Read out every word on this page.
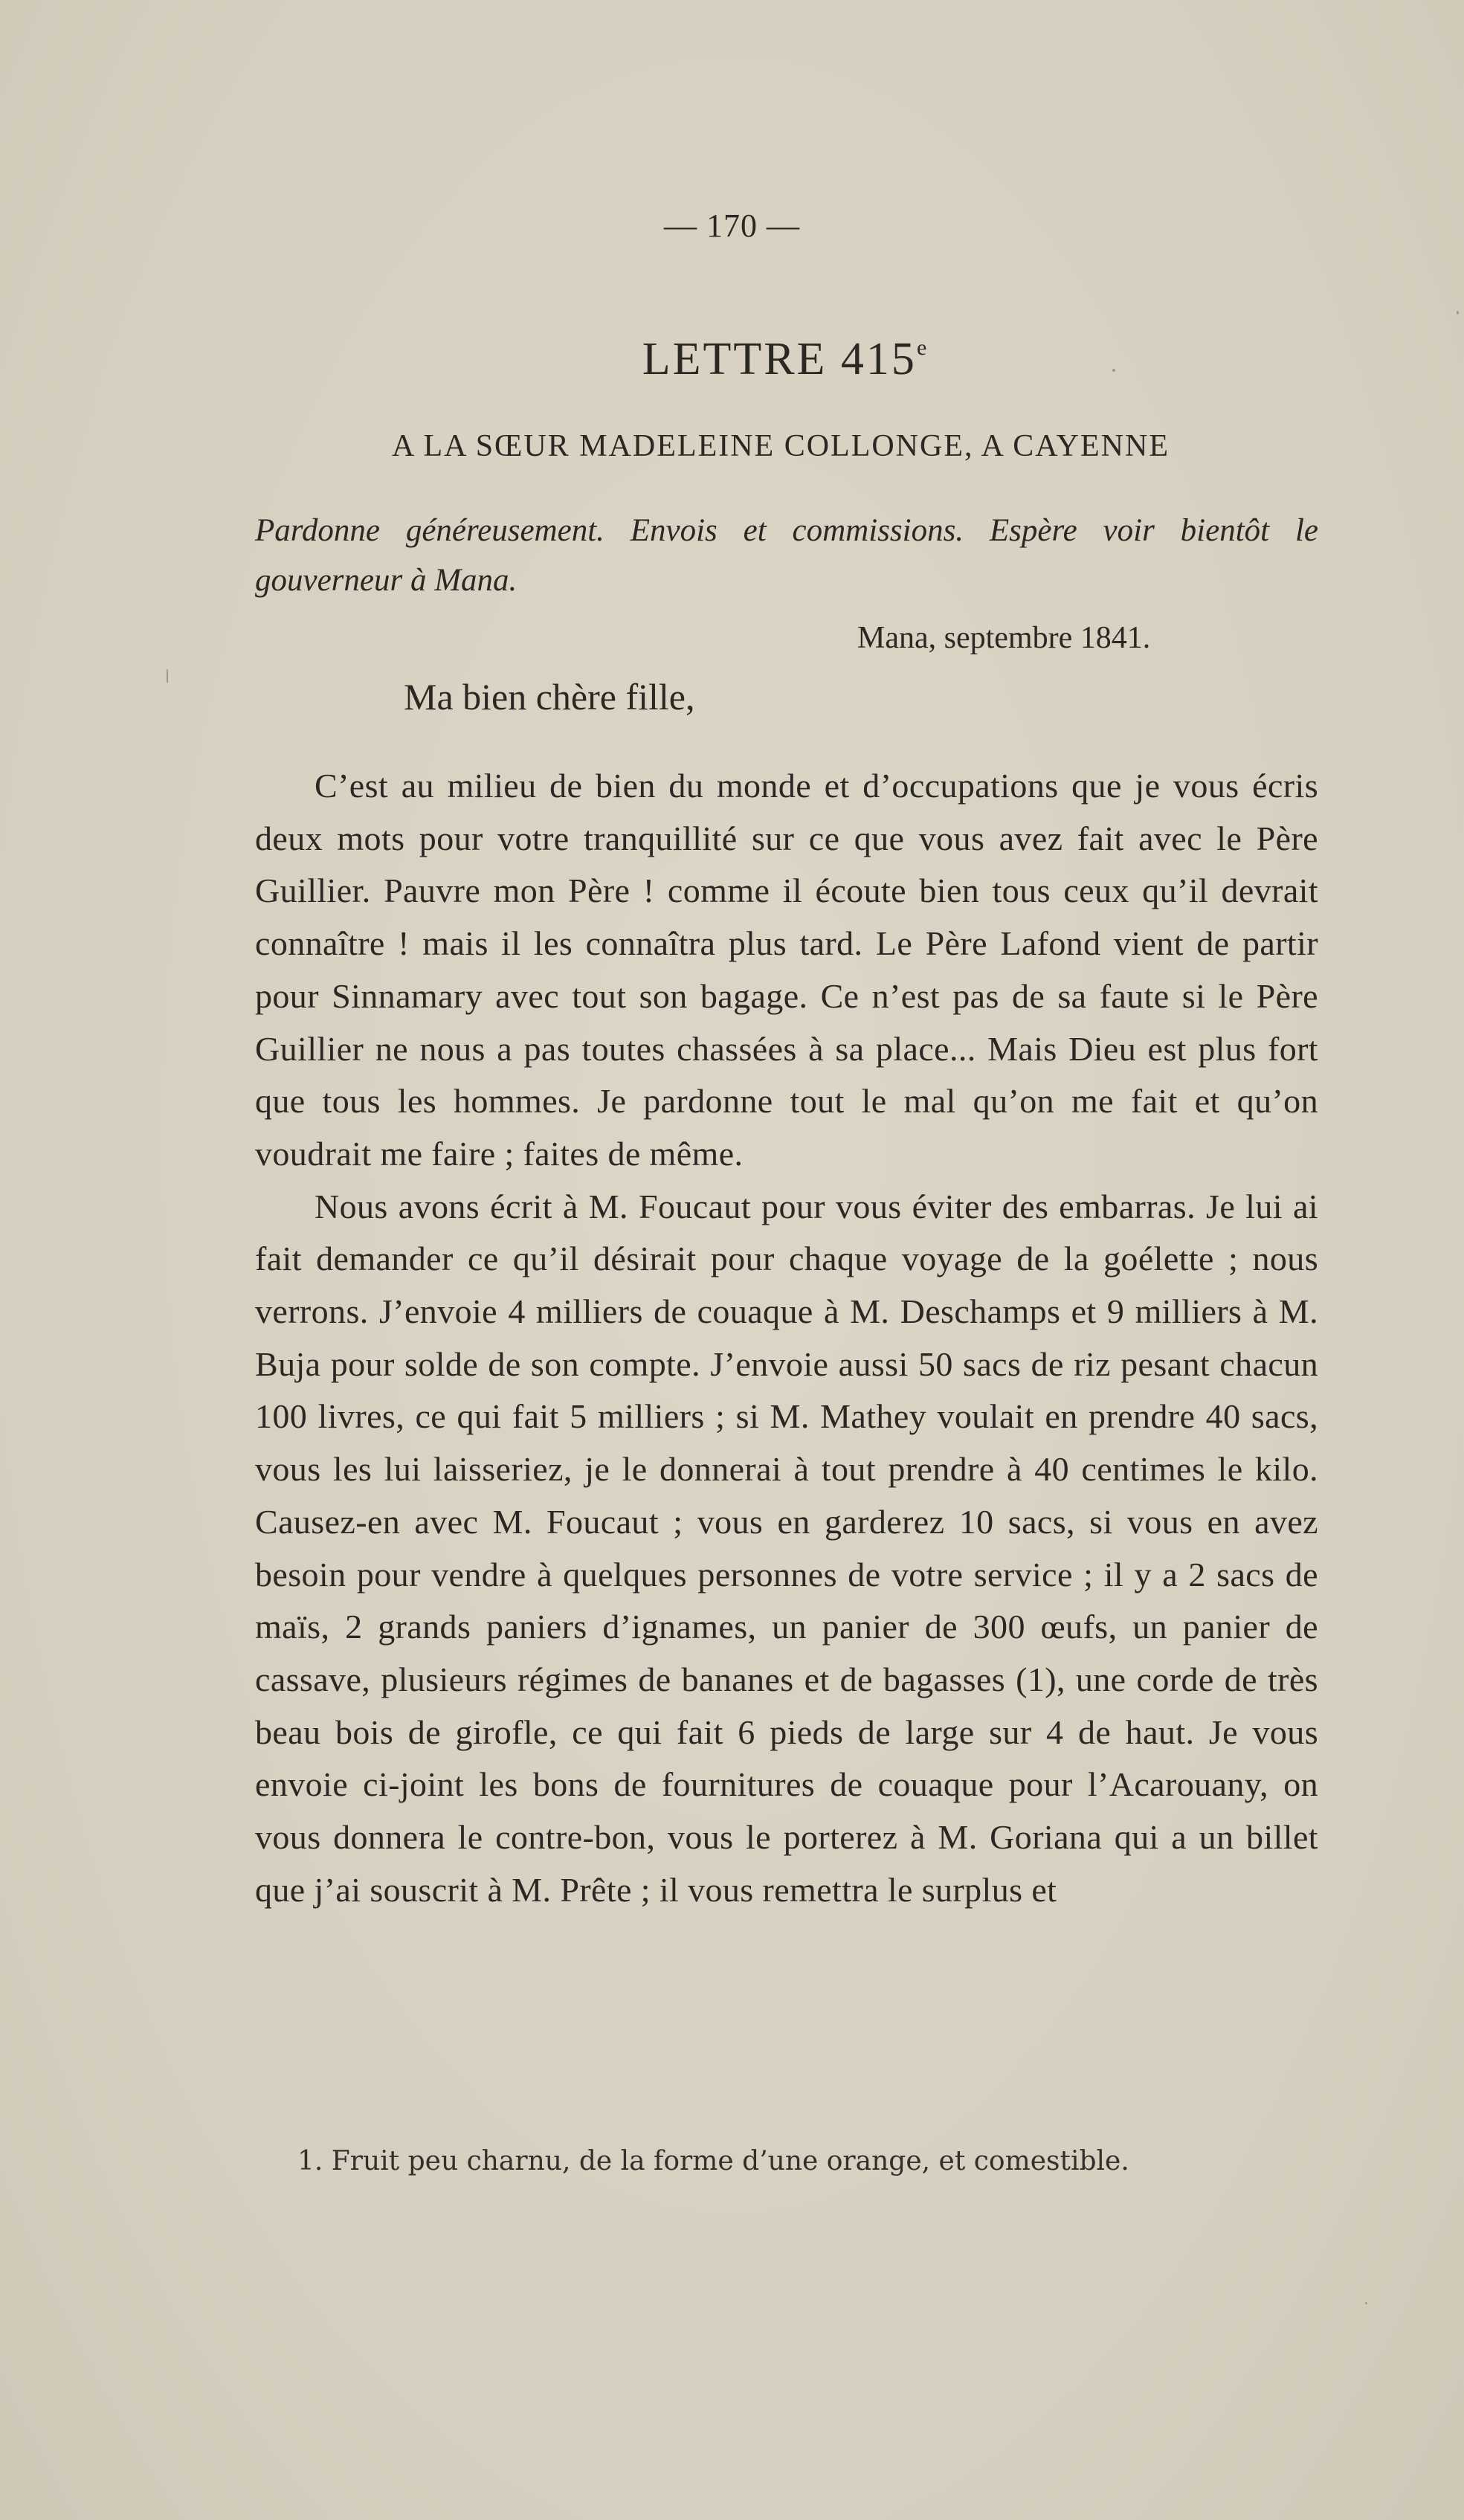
— 170 —
LETTRE 415e
A LA SŒUR MADELEINE COLLONGE, A CAYENNE
Pardonne généreusement. Envois et commissions. Espère voir bientôt le gouverneur à Mana.
Mana, septembre 1841.
Ma bien chère fille,

C’est au milieu de bien du monde et d’occupations que je vous écris deux mots pour votre tranquillité sur ce que vous avez fait avec le Père Guillier. Pauvre mon Père ! comme il écoute bien tous ceux qu’il devrait connaître ! mais il les connaîtra plus tard. Le Père Lafond vient de partir pour Sinnamary avec tout son bagage. Ce n’est pas de sa faute si le Père Guillier ne nous a pas toutes chassées à sa place... Mais Dieu est plus fort que tous les hommes. Je pardonne tout le mal qu’on me fait et qu’on voudrait me faire ; faites de même.

Nous avons écrit à M. Foucaut pour vous éviter des embarras. Je lui ai fait demander ce qu’il désirait pour chaque voyage de la goélette ; nous verrons. J’envoie 4 milliers de couaque à M. Deschamps et 9 milliers à M. Buja pour solde de son compte. J’envoie aussi 50 sacs de riz pesant chacun 100 livres, ce qui fait 5 milliers ; si M. Mathey voulait en prendre 40 sacs, vous les lui laisseriez, je le donnerai à tout prendre à 40 centimes le kilo. Causez-en avec M. Foucaut ; vous en garderez 10 sacs, si vous en avez besoin pour vendre à quelques personnes de votre service ; il y a 2 sacs de maïs, 2 grands paniers d’ignames, un panier de 300 œufs, un panier de cassave, plusieurs régimes de bananes et de bagasses (1), une corde de très beau bois de girofle, ce qui fait 6 pieds de large sur 4 de haut. Je vous envoie ci-joint les bons de fournitures de couaque pour l’Acarouany, on vous donnera le contre-bon, vous le porterez à M. Goriana qui a un billet que j’ai souscrit à M. Prête ; il vous remettra le surplus et

1. Fruit peu charnu, de la forme d’une orange, et comestible.
